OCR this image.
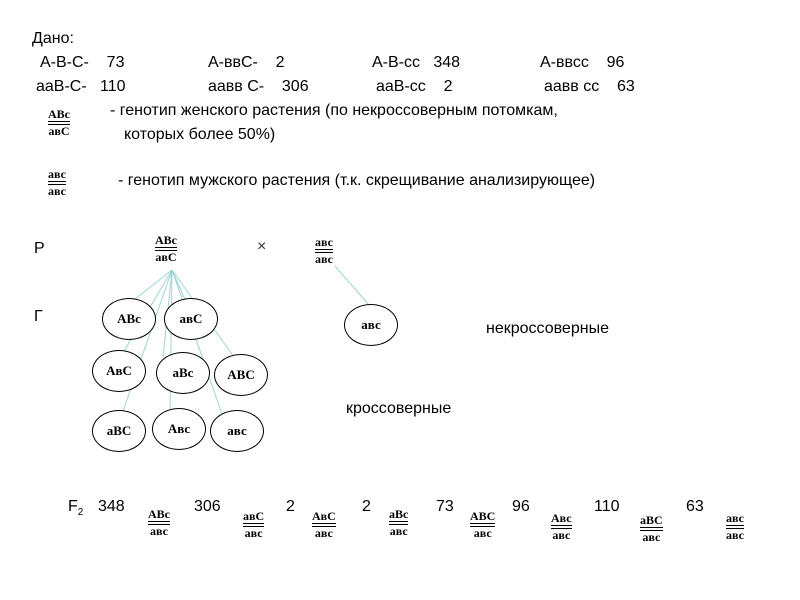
Дано:
А-В-С- 73	А-ввС- 2	А-В-сс 348	А-ввсс 96
ааВ-С- 110	аавв С- 306	ааВ-сс 2	аавв сс 63
АВс
авС
- генотип женского растения (по некроссоверным потомкам,
которых более 50%)
авс
авс
- генотип мужского растения (т.к. скрещивание анализирующее)
Р	АВс
авС
×	авс
авс
Г	АВс	авС
АвС	аВс	АВС
аВС	Авс	авс
авс	некроссоверные
кроссоверные
$F_2$ 348 АВс
авс
306
авС
авс
2
АвС
авс
2 аВс
авс
73
АВС
авс
96
Авс
авс
110
аВС
авс
63
авс
авс
